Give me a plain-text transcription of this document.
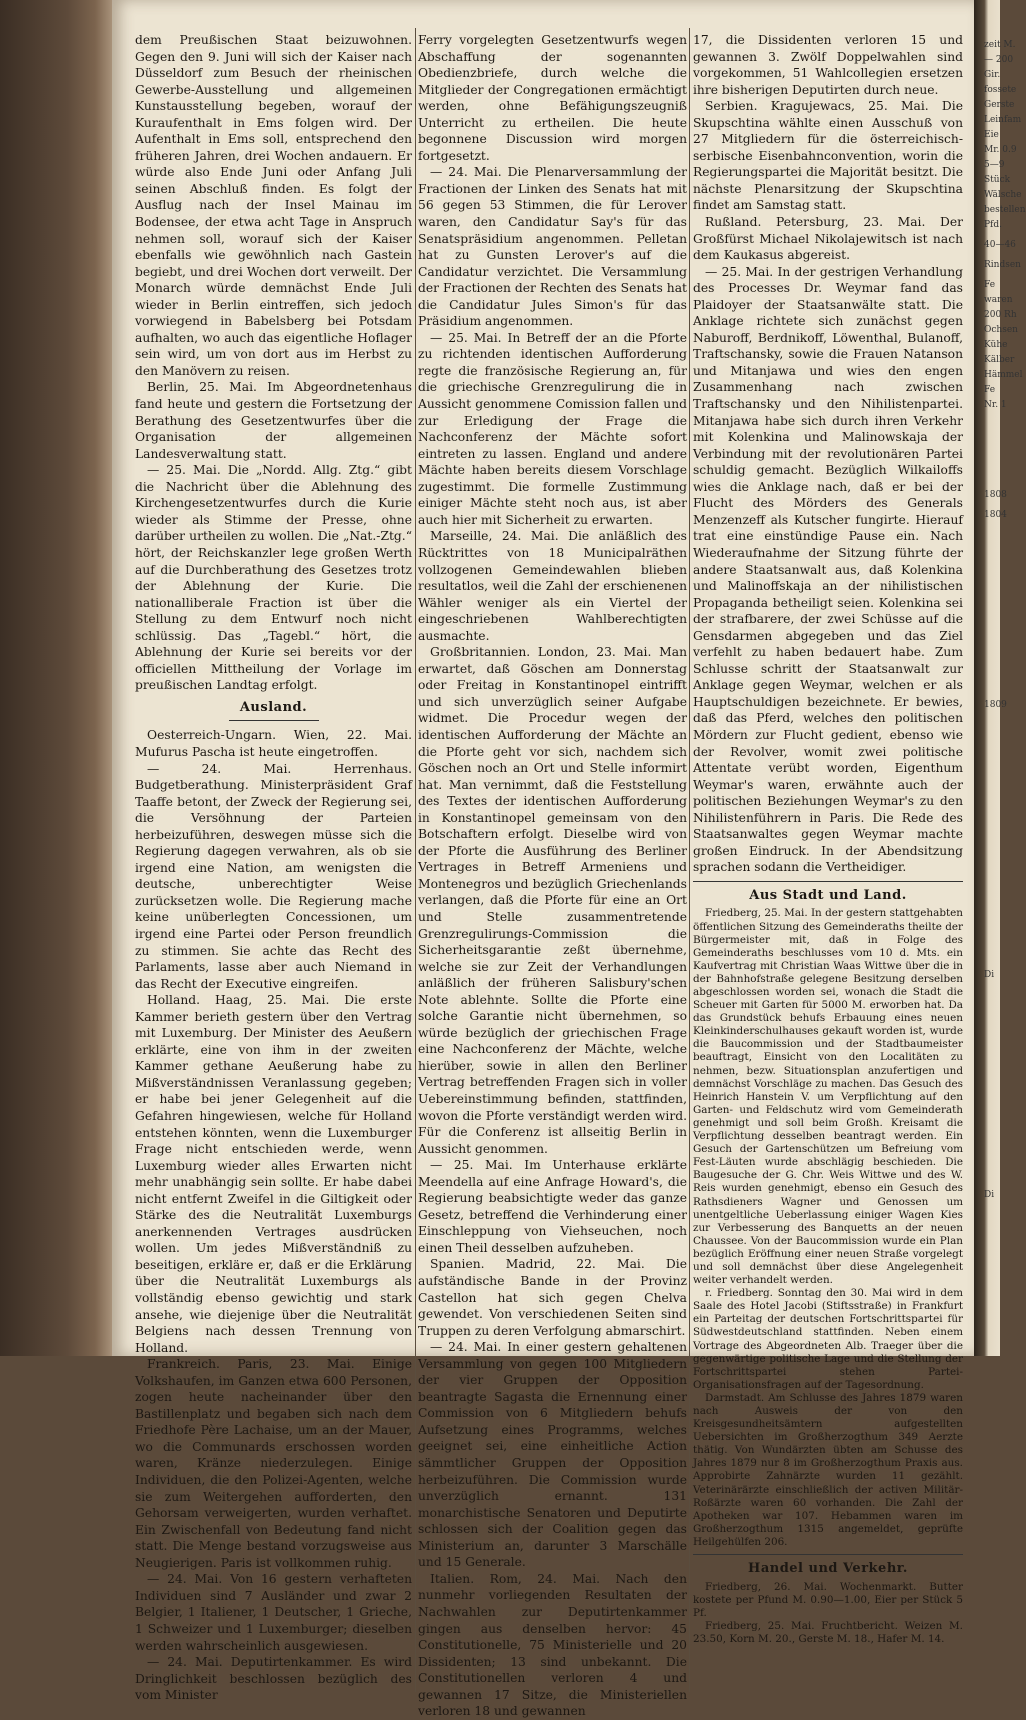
dem Preußischen Staat beizuwohnen. Gegen den 9. Juni will sich der Kaiser nach Düsseldorf zum Besuch der rheinischen Gewerbe-Ausstellung und allgemeinen Kunstausstellung begeben, worauf der Kuraufenthalt in Ems folgen wird. Der Aufenthalt in Ems soll, entsprechend den früheren Jahren, drei Wochen andauern. Er würde also Ende Juni oder Anfang Juli seinen Abschluß finden. Es folgt der Ausflug nach der Insel Mainau im Bodensee, der etwa acht Tage in Anspruch nehmen soll, worauf sich der Kaiser ebenfalls wie gewöhnlich nach Gastein begiebt, und drei Wochen dort verweilt. Der Monarch würde demnächst Ende Juli wieder in Berlin eintreffen, sich jedoch vorwiegend in Babelsberg bei Potsdam aufhalten, wo auch das eigentliche Hoflager sein wird, um von dort aus im Herbst zu den Manövern zu reisen.

Berlin, 25. Mai. Im Abgeordnetenhaus fand heute und gestern die Fortsetzung der Berathung des Gesetzentwurfes über die Organisation der allgemeinen Landesverwaltung statt.

— 25. Mai. Die „Nordd. Allg. Ztg.“ gibt die Nachricht über die Ablehnung des Kirchengesetzentwurfes durch die Kurie wieder als Stimme der Presse, ohne darüber urtheilen zu wollen. Die „Nat.-Ztg.“ hört, der Reichskanzler lege großen Werth auf die Durchberathung des Gesetzes trotz der Ablehnung der Kurie. Die nationalliberale Fraction ist über die Stellung zu dem Entwurf noch nicht schlüssig. Das „Tagebl.“ hört, die Ablehnung der Kurie sei bereits vor der officiellen Mittheilung der Vorlage im preußischen Landtag erfolgt.

Ausland.

Oesterreich-Ungarn. Wien, 22. Mai. Mufurus Pascha ist heute eingetroffen.

— 24. Mai. Herrenhaus. Budgetberathung. Ministerpräsident Graf Taaffe betont, der Zweck der Regierung sei, die Versöhnung der Parteien herbeizuführen, deswegen müsse sich die Regierung dagegen verwahren, als ob sie irgend eine Nation, am wenigsten die deutsche, unberechtigter Weise zurücksetzen wolle. Die Regierung mache keine unüberlegten Concessionen, um irgend eine Partei oder Person freundlich zu stimmen. Sie achte das Recht des Parlaments, lasse aber auch Niemand in das Recht der Executive eingreifen.

Holland. Haag, 25. Mai. Die erste Kammer berieth gestern über den Vertrag mit Luxemburg. Der Minister des Aeußern erklärte, eine von ihm in der zweiten Kammer gethane Aeußerung habe zu Mißverständnissen Veranlassung gegeben; er habe bei jener Gelegenheit auf die Gefahren hingewiesen, welche für Holland entstehen könnten, wenn die Luxemburger Frage nicht entschieden werde, wenn Luxemburg wieder alles Erwarten nicht mehr unabhängig sein sollte. Er habe dabei nicht entfernt Zweifel in die Giltigkeit oder Stärke des die Neutralität Luxemburgs anerkennenden Vertrages ausdrücken wollen. Um jedes Mißverständniß zu beseitigen, erkläre er, daß er die Erklärung über die Neutralität Luxemburgs als vollständig ebenso gewichtig und stark ansehe, wie diejenige über die Neutralität Belgiens nach dessen Trennung von Holland.

Frankreich. Paris, 23. Mai. Einige Volkshaufen, im Ganzen etwa 600 Personen, zogen heute nacheinander über den Bastillenplatz und begaben sich nach dem Friedhofe Père Lachaise, um an der Mauer, wo die Communards erschossen worden waren, Kränze niederzulegen. Einige Individuen, die den Polizei-Agenten, welche sie zum Weitergehen aufforderten, den Gehorsam verweigerten, wurden verhaftet. Ein Zwischenfall von Bedeutung fand nicht statt. Die Menge bestand vorzugsweise aus Neugierigen. Paris ist vollkommen ruhig.

— 24. Mai. Von 16 gestern verhafteten Individuen sind 7 Ausländer und zwar 2 Belgier, 1 Italiener, 1 Deutscher, 1 Grieche, 1 Schweizer und 1 Luxemburger; dieselben werden wahrscheinlich ausgewiesen.

— 24. Mai. Deputirtenkammer. Es wird Dringlichkeit beschlossen bezüglich des vom Minister

Ferry vorgelegten Gesetzentwurfs wegen Abschaffung der sogenannten Obedienzbriefe, durch welche die Mitglieder der Congregationen ermächtigt werden, ohne Befähigungszeugniß Unterricht zu ertheilen. Die heute begonnene Discussion wird morgen fortgesetzt.

— 24. Mai. Die Plenarversammlung der Fractionen der Linken des Senats hat mit 56 gegen 53 Stimmen, die für Lerover waren, den Candidatur Say's für das Senatspräsidium angenommen. Pelletan hat zu Gunsten Lerover's auf die Candidatur verzichtet. Die Versammlung der Fractionen der Rechten des Senats hat die Candidatur Jules Simon's für das Präsidium angenommen.

— 25. Mai. In Betreff der an die Pforte zu richtenden identischen Aufforderung regte die französische Regierung an, für die griechische Grenzregulirung die in Aussicht genommene Comission fallen und zur Erledigung der Frage die Nachconferenz der Mächte sofort eintreten zu lassen. England und andere Mächte haben bereits diesem Vorschlage zugestimmt. Die formelle Zustimmung einiger Mächte steht noch aus, ist aber auch hier mit Sicherheit zu erwarten.

Marseille, 24. Mai. Die anläßlich des Rücktrittes von 18 Municipalräthen vollzogenen Gemeindewahlen blieben resultatlos, weil die Zahl der erschienenen Wähler weniger als ein Viertel der eingeschriebenen Wahlberechtigten ausmachte.

Großbritannien. London, 23. Mai. Man erwartet, daß Göschen am Donnerstag oder Freitag in Konstantinopel eintrifft und sich unverzüglich seiner Aufgabe widmet. Die Procedur wegen der identischen Aufforderung der Mächte an die Pforte geht vor sich, nachdem sich Göschen noch an Ort und Stelle informirt hat. Man vernimmt, daß die Feststellung des Textes der identischen Aufforderung in Konstantinopel gemeinsam von den Botschaftern erfolgt. Dieselbe wird von der Pforte die Ausführung des Berliner Vertrages in Betreff Armeniens und Montenegros und bezüglich Griechenlands verlangen, daß die Pforte für eine an Ort und Stelle zusammentretende Grenzregulirungs-Commission die Sicherheitsgarantie zeßt übernehme, welche sie zur Zeit der Verhandlungen anläßlich der früheren Salisbury'schen Note ablehnte. Sollte die Pforte eine solche Garantie nicht übernehmen, so würde bezüglich der griechischen Frage eine Nachconferenz der Mächte, welche hierüber, sowie in allen den Berliner Vertrag betreffenden Fragen sich in voller Uebereinstimmung befinden, stattfinden, wovon die Pforte verständigt werden wird. Für die Conferenz ist allseitig Berlin in Aussicht genommen.

— 25. Mai. Im Unterhause erklärte Meendella auf eine Anfrage Howard's, die Regierung beabsichtigte weder das ganze Gesetz, betreffend die Verhinderung einer Einschleppung von Viehseuchen, noch einen Theil desselben aufzuheben.

Spanien. Madrid, 22. Mai. Die aufständische Bande in der Provinz Castellon hat sich gegen Chelva gewendet. Von verschiedenen Seiten sind Truppen zu deren Verfolgung abmarschirt.

— 24. Mai. In einer gestern gehaltenen Versammlung von gegen 100 Mitgliedern der vier Gruppen der Opposition beantragte Sagasta die Ernennung einer Commission von 6 Mitgliedern behufs Aufsetzung eines Programms, welches geeignet sei, eine einheitliche Action sämmtlicher Gruppen der Opposition herbeizuführen. Die Commission wurde unverzüglich ernannt. 131 monarchistische Senatoren und Deputirte schlossen sich der Coalition gegen das Ministerium an, darunter 3 Marschälle und 15 Generale.

Italien. Rom, 24. Mai. Nach den nunmehr vorliegenden Resultaten der Nachwahlen zur Deputirtenkammer gingen aus denselben hervor: 45 Constitutionelle, 75 Ministerielle und 20 Dissidenten; 13 sind unbekannt. Die Constitutionellen verloren 4 und gewannen 17 Sitze, die Ministeriellen verloren 18 und gewannen

17, die Dissidenten verloren 15 und gewannen 3. Zwölf Doppelwahlen sind vorgekommen, 51 Wahlcollegien ersetzen ihre bisherigen Deputirten durch neue.

Serbien. Kragujewacs, 25. Mai. Die Skupschtina wählte einen Ausschuß von 27 Mitgliedern für die österreichisch-serbische Eisenbahnconvention, worin die Regierungspartei die Majorität besitzt. Die nächste Plenarsitzung der Skupschtina findet am Samstag statt.

Rußland. Petersburg, 23. Mai. Der Großfürst Michael Nikolajewitsch ist nach dem Kaukasus abgereist.

— 25. Mai. In der gestrigen Verhandlung des Processes Dr. Weymar fand das Plaidoyer der Staatsanwälte statt. Die Anklage richtete sich zunächst gegen Naburoff, Berdnikoff, Löwenthal, Bulanoff, Traftschansky, sowie die Frauen Natanson und Mitanjawa und wies den engen Zusammenhang nach zwischen Traftschansky und den Nihilistenpartei. Mitanjawa habe sich durch ihren Verkehr mit Kolenkina und Malinowskaja der Verbindung mit der revolutionären Partei schuldig gemacht. Bezüglich Wilkailoffs wies die Anklage nach, daß er bei der Flucht des Mörders des Generals Menzenzeff als Kutscher fungirte. Hierauf trat eine einstündige Pause ein. Nach Wiederaufnahme der Sitzung führte der andere Staatsanwalt aus, daß Kolenkina und Malinoffskaja an der nihilistischen Propaganda betheiligt seien. Kolenkina sei der strafbarere, der zwei Schüsse auf die Gensdarmen abgegeben und das Ziel verfehlt zu haben bedauert habe. Zum Schlusse schritt der Staatsanwalt zur Anklage gegen Weymar, welchen er als Hauptschuldigen bezeichnete. Er bewies, daß das Pferd, welches den politischen Mördern zur Flucht gedient, ebenso wie der Revolver, womit zwei politische Attentate verübt worden, Eigenthum Weymar's waren, erwähnte auch der politischen Beziehungen Weymar's zu den Nihilistenführern in Paris. Die Rede des Staatsanwaltes gegen Weymar machte großen Eindruck. In der Abendsitzung sprachen sodann die Vertheidiger.

Aus Stadt und Land.

Friedberg, 25. Mai. In der gestern stattgehabten öffentlichen Sitzung des Gemeinderaths theilte der Bürgermeister mit, daß in Folge des Gemeinderaths beschlusses vom 10 d. Mts. ein Kaufvertrag mit Christian Waas Wittwe über die in der Bahnhofstraße gelegene Besitzung derselben abgeschlossen worden sei, wonach die Stadt die Scheuer mit Garten für 5000 M. erworben hat. Da das Grundstück behufs Erbauung eines neuen Kleinkinderschulhauses gekauft worden ist, wurde die Baucommission und der Stadtbaumeister beauftragt, Einsicht von den Localitäten zu nehmen, bezw. Situationsplan anzufertigen und demnächst Vorschläge zu machen. Das Gesuch des Heinrich Hanstein V. um Verpflichtung auf den Garten- und Feldschutz wird vom Gemeinderath genehmigt und soll beim Großh. Kreisamt die Verpflichtung desselben beantragt werden. Ein Gesuch der Gartenschützen um Befreiung vom Fest-Läuten wurde abschlägig beschieden. Die Baugesuche der G. Chr. Weis Wittwe und des W. Reis wurden genehmigt, ebenso ein Gesuch des Rathsdieners Wagner und Genossen um unentgeltliche Ueberlassung einiger Wagen Kies zur Verbesserung des Banquetts an der neuen Chaussee. Von der Baucommission wurde ein Plan bezüglich Eröffnung einer neuen Straße vorgelegt und soll demnächst über diese Angelegenheit weiter verhandelt werden.

r. Friedberg. Sonntag den 30. Mai wird in dem Saale des Hotel Jacobi (Stiftsstraße) in Frankfurt ein Parteitag der deutschen Fortschrittspartei für Südwestdeutschland stattfinden. Neben einem Vortrage des Abgeordneten Alb. Traeger über die gegenwärtige politische Lage und die Stellung der Fortschrittspartei stehen Partei-Organisationsfragen auf der Tagesordnung.

Darmstadt. Am Schlusse des Jahres 1879 waren nach Ausweis der von den Kreisgesundheitsämtern aufgestellten Uebersichten im Großherzogthum 349 Aerzte thätig. Von Wundärzten übten am Schusse des Jahres 1879 nur 8 im Großherzogthum Praxis aus. Approbirte Zahnärzte wurden 11 gezählt. Veterinärärzte einschließlich der activen Militär-Roßärzte waren 60 vorhanden. Die Zahl der Apotheken war 107. Hebammen waren im Großherzogthum 1315 angemeldet, geprüfte Heilgehülfen 206.

Handel und Verkehr.

Friedberg, 26. Mai. Wochenmarkt. Butter kostete per Pfund M. 0.90—1.00, Eier per Stück 5 Pf.

Friedberg, 25. Mai. Fruchtbericht. Weizen M. 23.50, Korn M. 20., Gerste M. 18., Hafer M. 14.

zeit M.
— 200
Gir.
fossete
Gerste
Leinfam
Eie
Mr. 0.9
5—9
Stück
Wälsche
bestellen
Pfd.
40—46
Rindsen
Fe
waren
200 Rh
Ochsen
Kühe
Kälber
Hämmel
Fe
Nr. 1
1808
1804
1809
Di
Di
